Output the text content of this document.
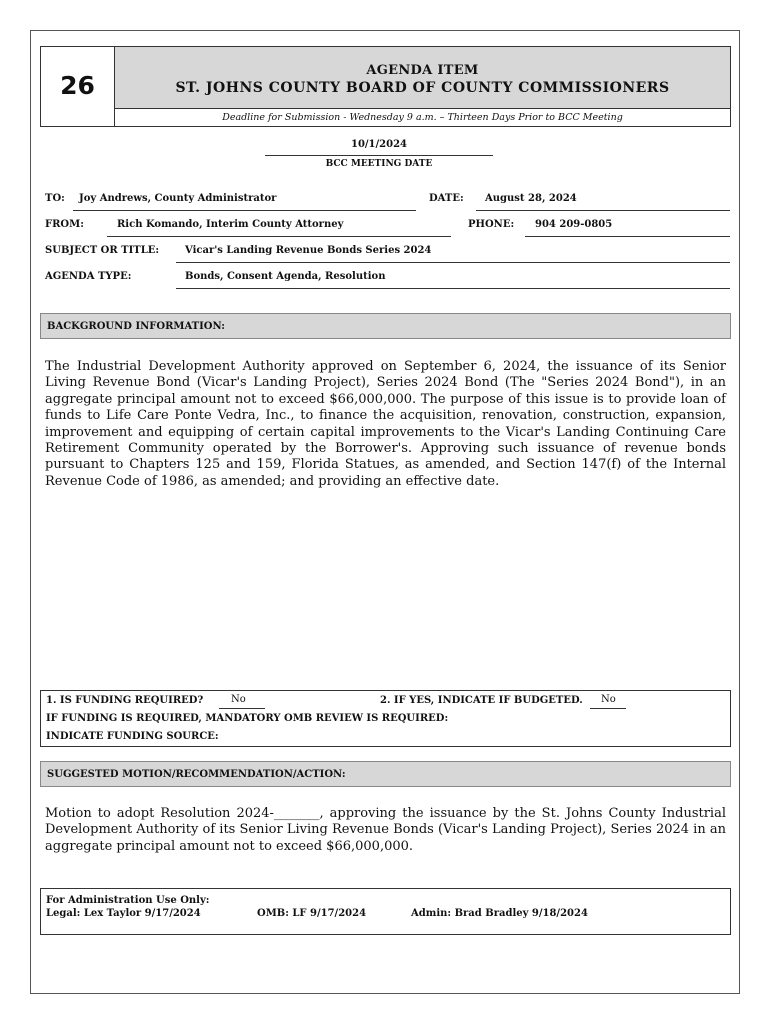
26
AGENDA ITEM
ST. JOHNS COUNTY BOARD OF COUNTY COMMISSIONERS
Deadline for Submission - Wednesday 9 a.m. – Thirteen Days Prior to BCC Meeting
10/1/2024
BCC MEETING DATE
TO: Joy Andrews, County Administrator	DATE: August 28, 2024
FROM:	Rich Komando, Interim County Attorney	PHONE: 904 209-0805
SUBJECT OR TITLE:	Vicar's Landing Revenue Bonds Series 2024
AGENDA TYPE:	Bonds, Consent Agenda, Resolution
BACKGROUND INFORMATION:
The Industrial Development Authority approved on September 6, 2024, the issuance of its Senior Living Revenue Bond (Vicar's Landing Project), Series 2024 Bond (The "Series 2024 Bond"), in an aggregate principal amount not to exceed $66,000,000. The purpose of this issue is to provide loan of funds to Life Care Ponte Vedra, Inc., to finance the acquisition, renovation, construction, expansion, improvement and equipping of certain capital improvements to the Vicar's Landing Continuing Care Retirement Community operated by the Borrower's. Approving such issuance of revenue bonds pursuant to Chapters 125 and 159, Florida Statues, as amended, and Section 147(f) of the Internal Revenue Code of 1986, as amended; and providing an effective date.
1. IS FUNDING REQUIRED?	No	2. IF YES, INDICATE IF BUDGETED. No
IF FUNDING IS REQUIRED, MANDATORY OMB REVIEW IS REQUIRED:
INDICATE FUNDING SOURCE:
SUGGESTED MOTION/RECOMMENDATION/ACTION:
Motion to adopt Resolution 2024-_______, approving the issuance by the St. Johns County Industrial Development Authority of its Senior Living Revenue Bonds (Vicar's Landing Project), Series 2024 in an aggregate principal amount not to exceed $66,000,000.
For Administration Use Only:
Legal: Lex Taylor 9/17/2024	OMB: LF 9/17/2024	Admin: Brad Bradley 9/18/2024
